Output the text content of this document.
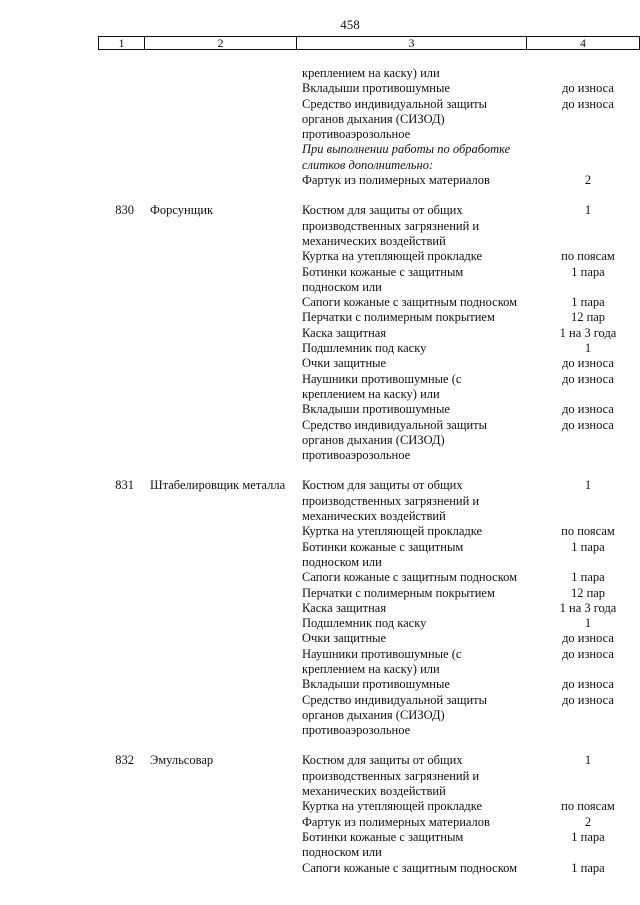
458
1	2	3	4
креплением на каску) или
Вкладыши противошумные	до износа
Средство индивидуальной защиты	до износа
органов дыхания (СИЗОД)
противоаэрозольное
При выполнении работы по обработке
слитков дополнительно:
Фартук из полимерных материалов	2
830	Форсунщик	Костюм для защиты от общих	1
производственных загрязнений и
механических воздействий
Куртка на утепляющей прокладке	по поясам
Ботинки кожаные с защитным	1 пара
подноском или
Сапоги кожаные с защитным подноском	1 пара
Перчатки с полимерным покрытием	12 пар
Каска защитная	1 на 3 года
Подшлемник под каску	1
Очки защитные	до износа
Наушники противошумные (с	до износа
креплением на каску) или
Вкладыши противошумные	до износа
Средство индивидуальной защиты	до износа
органов дыхания (СИЗОД)
противоаэрозольное
831	Штабелировщик металла	Костюм для защиты от общих	1
производственных загрязнений и
механических воздействий
Куртка на утепляющей прокладке	по поясам
Ботинки кожаные с защитным	1 пара
подноском или
Сапоги кожаные с защитным подноском	1 пара
Перчатки с полимерным покрытием	12 пар
Каска защитная	1 на 3 года
Подшлемник под каску	1
Очки защитные	до износа
Наушники противошумные (с	до износа
креплением на каску) или
Вкладыши противошумные	до износа
Средство индивидуальной защиты	до износа
органов дыхания (СИЗОД)
противоаэрозольное
832	Эмульсовар	Костюм для защиты от общих	1
производственных загрязнений и
механических воздействий
Куртка на утепляющей прокладке	по поясам
Фартук из полимерных материалов	2
Ботинки кожаные с защитным	1 пара
подноском или
Сапоги кожаные с защитным подноском	1 пара
